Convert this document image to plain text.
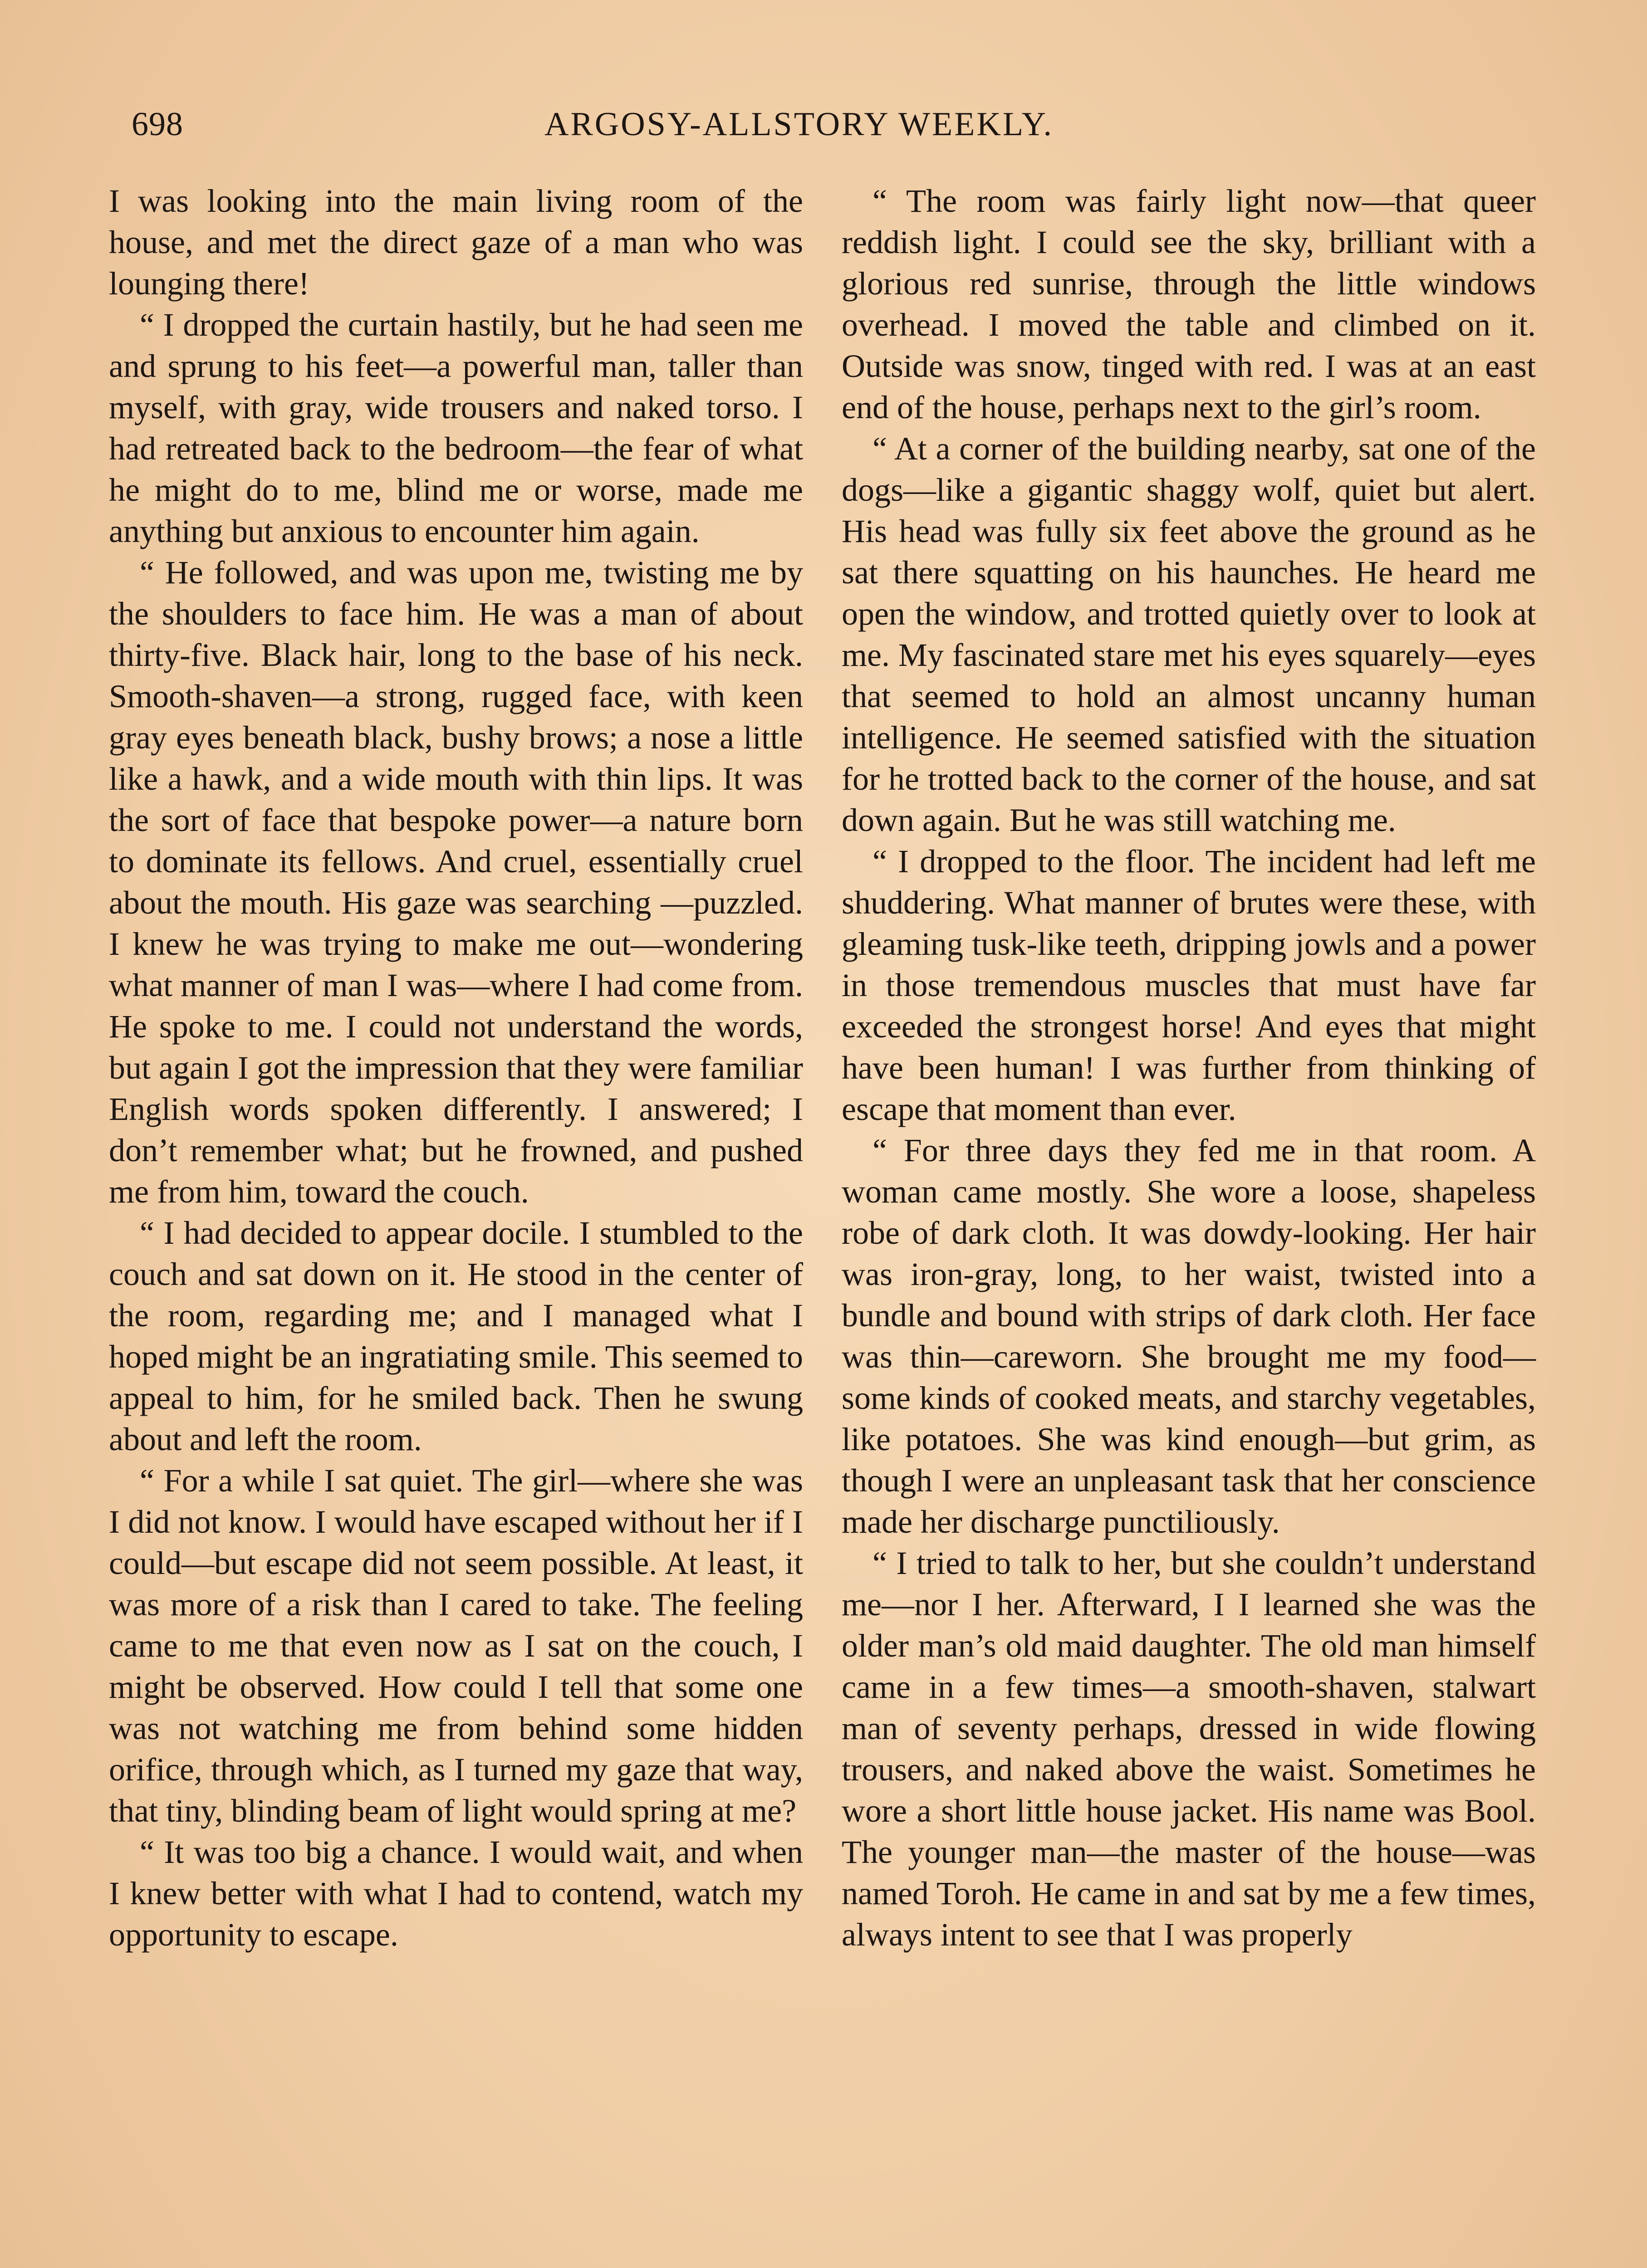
698	ARGOSY-ALLSTORY WEEKLY.

I was looking into the main living room of the house, and met the direct gaze of a man who was lounging there!

“ I dropped the curtain hastily, but he had seen me and sprung to his feet—a powerful man, taller than myself, with gray, wide trousers and naked torso. I had retreated back to the bedroom—the fear of what he might do to me, blind me or worse, made me anything but anxious to encounter him again.

“ He followed, and was upon me, twisting me by the shoulders to face him. He was a man of about thirty-five. Black hair, long to the base of his neck. Smooth-shaven—a strong, rugged face, with keen gray eyes beneath black, bushy brows; a nose a little like a hawk, and a wide mouth with thin lips. It was the sort of face that bespoke power—a nature born to dominate its fellows. And cruel, essentially cruel about the mouth. His gaze was searching —puzzled. I knew he was trying to make me out—wondering what manner of man I was—where I had come from. He spoke to me. I could not understand the words, but again I got the impression that they were familiar English words spoken differently. I answered; I don’t remember what; but he frowned, and pushed me from him, toward the couch.

“ I had decided to appear docile. I stumbled to the couch and sat down on it. He stood in the center of the room, regarding me; and I managed what I hoped might be an ingratiating smile. This seemed to appeal to him, for he smiled back. Then he swung about and left the room.

“ For a while I sat quiet. The girl—where she was I did not know. I would have escaped without her if I could—but escape did not seem possible. At least, it was more of a risk than I cared to take. The feeling came to me that even now as I sat on the couch, I might be observed. How could I tell that some one was not watching me from behind some hidden orifice, through which, as I turned my gaze that way, that tiny, blinding beam of light would spring at me?

“ It was too big a chance. I would wait, and when I knew better with what I had to contend, watch my opportunity to escape.

“ The room was fairly light now—that queer reddish light. I could see the sky, brilliant with a glorious red sunrise, through the little windows overhead. I moved the table and climbed on it. Outside was snow, tinged with red. I was at an east end of the house, perhaps next to the girl’s room.

“ At a corner of the building nearby, sat one of the dogs—like a gigantic shaggy wolf, quiet but alert. His head was fully six feet above the ground as he sat there squatting on his haunches. He heard me open the window, and trotted quietly over to look at me. My fascinated stare met his eyes squarely—eyes that seemed to hold an almost uncanny human intelligence. He seemed satisfied with the situation for he trotted back to the corner of the house, and sat down again. But he was still watching me.

“ I dropped to the floor. The incident had left me shuddering. What manner of brutes were these, with gleaming tusk-like teeth, dripping jowls and a power in those tremendous muscles that must have far exceeded the strongest horse! And eyes that might have been human! I was further from thinking of escape that moment than ever.

“ For three days they fed me in that room. A woman came mostly. She wore a loose, shapeless robe of dark cloth. It was dowdy-looking. Her hair was iron-gray, long, to her waist, twisted into a bundle and bound with strips of dark cloth. Her face was thin—careworn. She brought me my food—some kinds of cooked meats, and starchy vegetables, like potatoes. She was kind enough—but grim, as though I were an unpleasant task that her conscience made her discharge punctiliously.

“ I tried to talk to her, but she couldn’t understand me—nor I her. Afterward, I I learned she was the older man’s old maid daughter. The old man himself came in a few times—a smooth-shaven, stalwart man of seventy perhaps, dressed in wide flowing trousers, and naked above the waist. Sometimes he wore a short little house jacket. His name was Bool. The younger man—the master of the house—was named Toroh. He came in and sat by me a few times, always intent to see that I was properly
